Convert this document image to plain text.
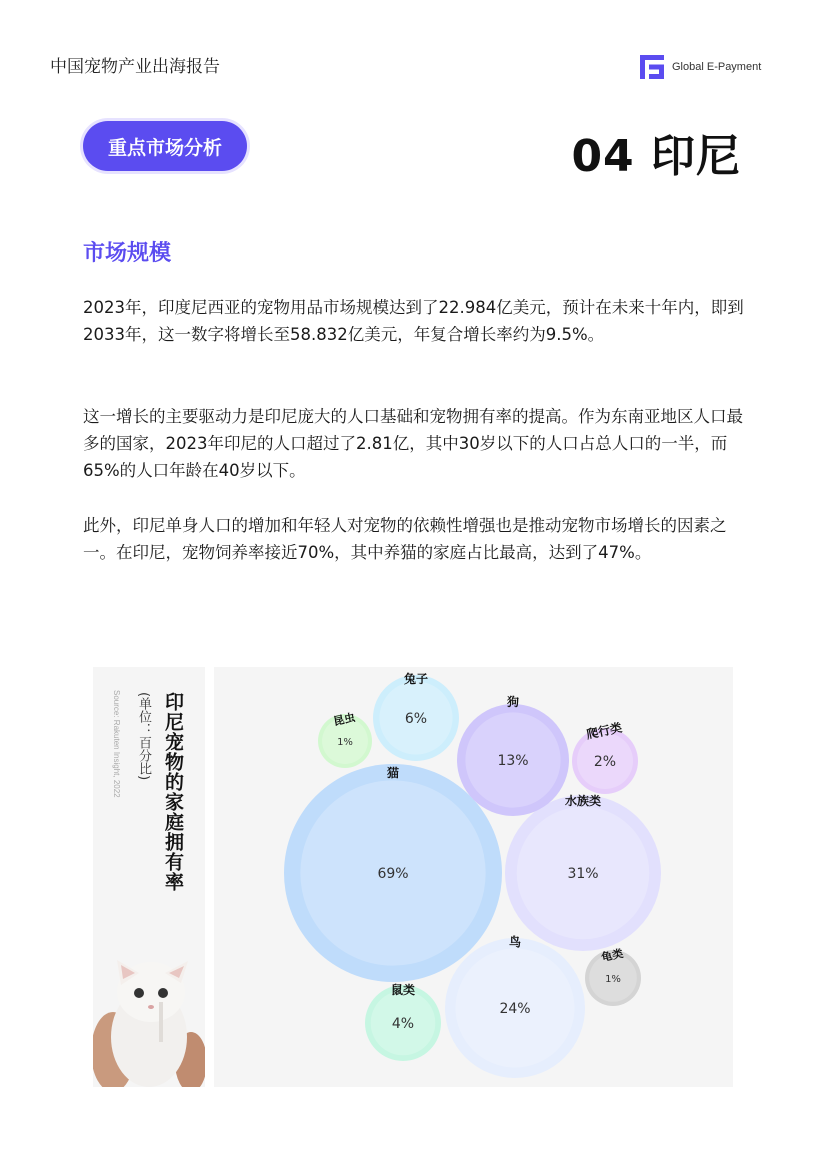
中国宠物产业出海报告	Global E-Payment
重点市场分析	04 印尼
市场规模
2023年，印度尼西亚的宠物用品市场规模达到了22.984亿美元，预计在未来十年内，即到2033年，这一数字将增长至58.832亿美元，年复合增长率约为9.5%。
这一增长的主要驱动力是印尼庞大的人口基础和宠物拥有率的提高。作为东南亚地区人口最多的国家，2023年印尼的人口超过了2.81亿，其中30岁以下的人口占总人口的一半，而65%的人口年龄在40岁以下。
此外，印尼单身人口的增加和年轻人对宠物的依赖性增强也是推动宠物市场增长的因素之一。在印尼，宠物饲养率接近70%，其中养猫的家庭占比最高，达到了47%。
Source: Rakuten Insight, 2022 (单位：百分比) 印尼宠物的家庭拥有率	猫
69%
水族类
31%
鸟
24%
狗
13%
兔子
6%
鼠类
4%
爬行类
2%
昆虫
1%
龟类
1%
